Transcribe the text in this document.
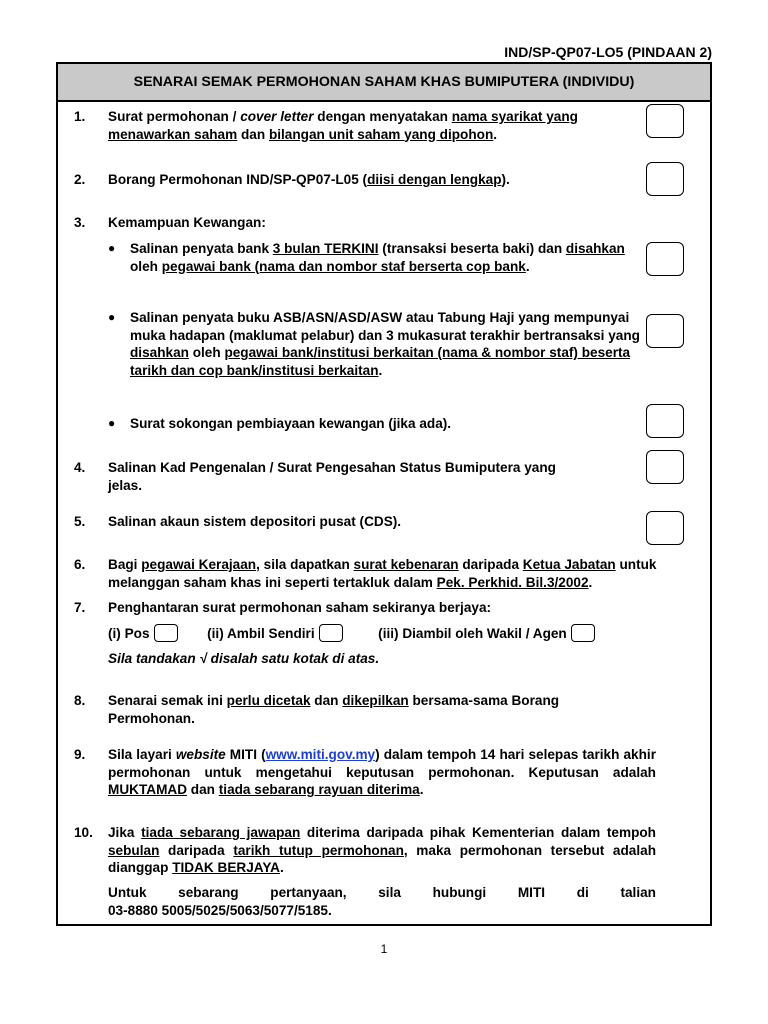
IND/SP-QP07-LO5 (PINDAAN 2)
SENARAI SEMAK PERMOHONAN SAHAM KHAS BUMIPUTERA (INDIVIDU)
1. Surat permohonan / cover letter dengan menyatakan nama syarikat yang menawarkan saham dan bilangan unit saham yang dipohon.
2. Borang Permohonan IND/SP-QP07-L05 (diisi dengan lengkap).
3. Kemampuan Kewangan:
● Salinan penyata bank 3 bulan TERKINI (transaksi beserta baki) dan disahkan oleh pegawai bank (nama dan nombor staf berserta cop bank.
● Salinan penyata buku ASB/ASN/ASD/ASW atau Tabung Haji yang mempunyai muka hadapan (maklumat pelabur) dan 3 mukasurat terakhir bertransaksi yang disahkan oleh pegawai bank/institusi berkaitan (nama & nombor staf) beserta tarikh dan cop bank/institusi berkaitan.
● Surat sokongan pembiayaan kewangan (jika ada).
4. Salinan Kad Pengenalan / Surat Pengesahan Status Bumiputera yang jelas.
5. Salinan akaun sistem depositori pusat (CDS).
6. Bagi pegawai Kerajaan, sila dapatkan surat kebenaran daripada Ketua Jabatan untuk melanggan saham khas ini seperti tertakluk dalam Pek. Perkhid. Bil.3/2002.
7. Penghantaran surat permohonan saham sekiranya berjaya:
(i) Pos	(ii) Ambil Sendiri	(iii) Diambil oleh Wakil / Agen
Sila tandakan √ disalah satu kotak di atas.
8. Senarai semak ini perlu dicetak dan dikepilkan bersama-sama Borang Permohonan.
9. Sila layari website MITI (www.miti.gov.my) dalam tempoh 14 hari selepas tarikh akhir permohonan untuk mengetahui keputusan permohonan. Keputusan adalah MUKTAMAD dan tiada sebarang rayuan diterima.
10. Jika tiada sebarang jawapan diterima daripada pihak Kementerian dalam tempoh sebulan daripada tarikh tutup permohonan, maka permohonan tersebut adalah dianggap TIDAK BERJAYA.
Untuk sebarang pertanyaan, sila hubungi MITI di talian
03-8880 5005/5025/5063/5077/5185.
1
